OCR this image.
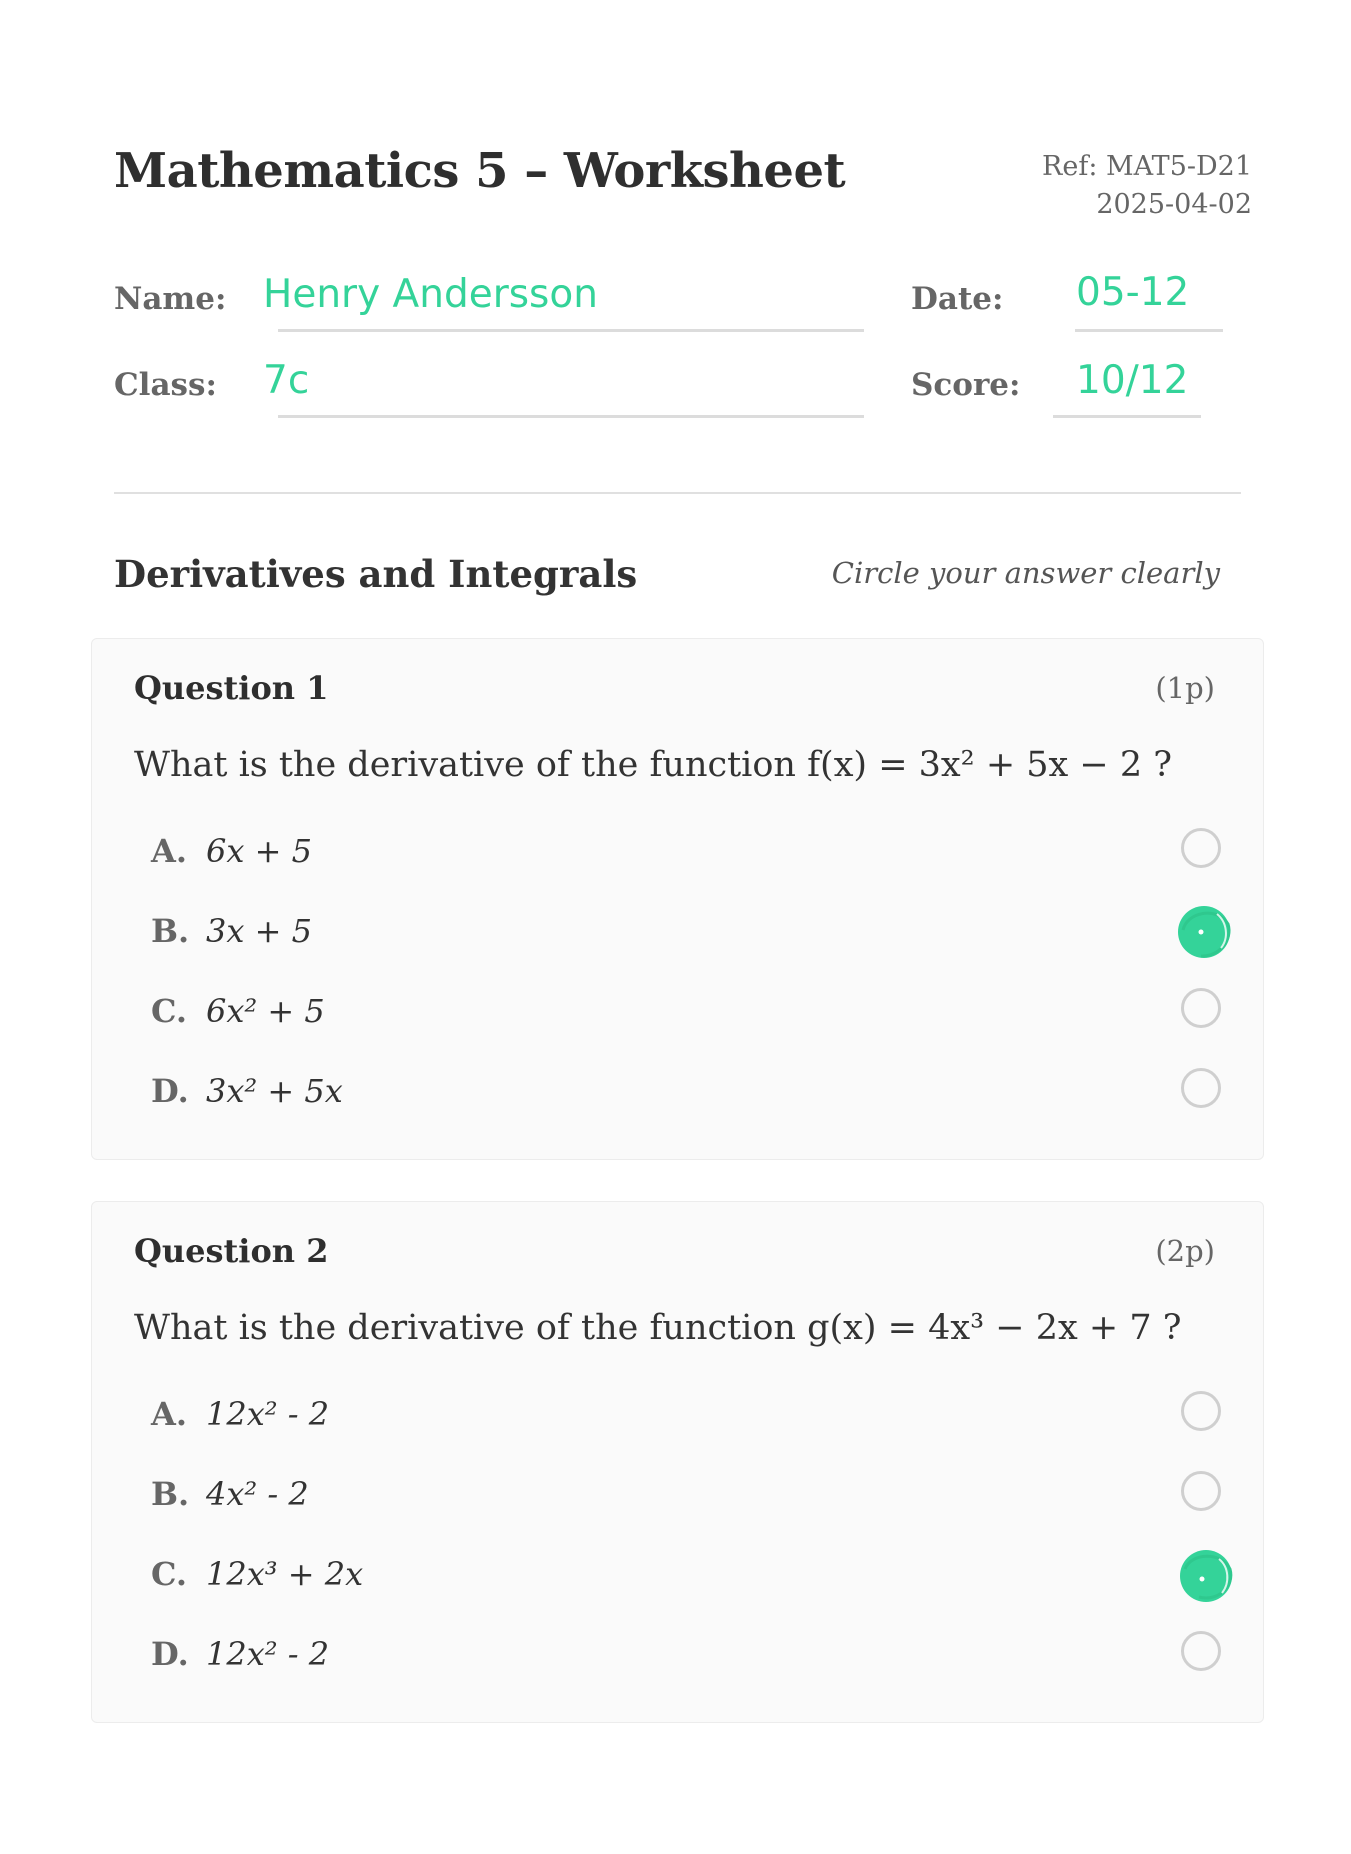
Mathematics 5 – Worksheet	Ref: MAT5-D21
2025-04-02
Name: Henry Andersson	Date: 05-12
Class: 7c	Score: 10/12
Derivatives and Integrals	Circle your answer clearly
Question 1	(1p)
What is the derivative of the function f(x) = 3x² + 5x − 2 ?
A. 6x + 5
B. 3x + 5
C. 6x² + 5
D. 3x² + 5x
Question 2	(2p)
What is the derivative of the function g(x) = 4x³ − 2x + 7 ?
A. 12x² - 2
B. 4x² - 2
C. 12x³ + 2x
D. 12x² - 2
